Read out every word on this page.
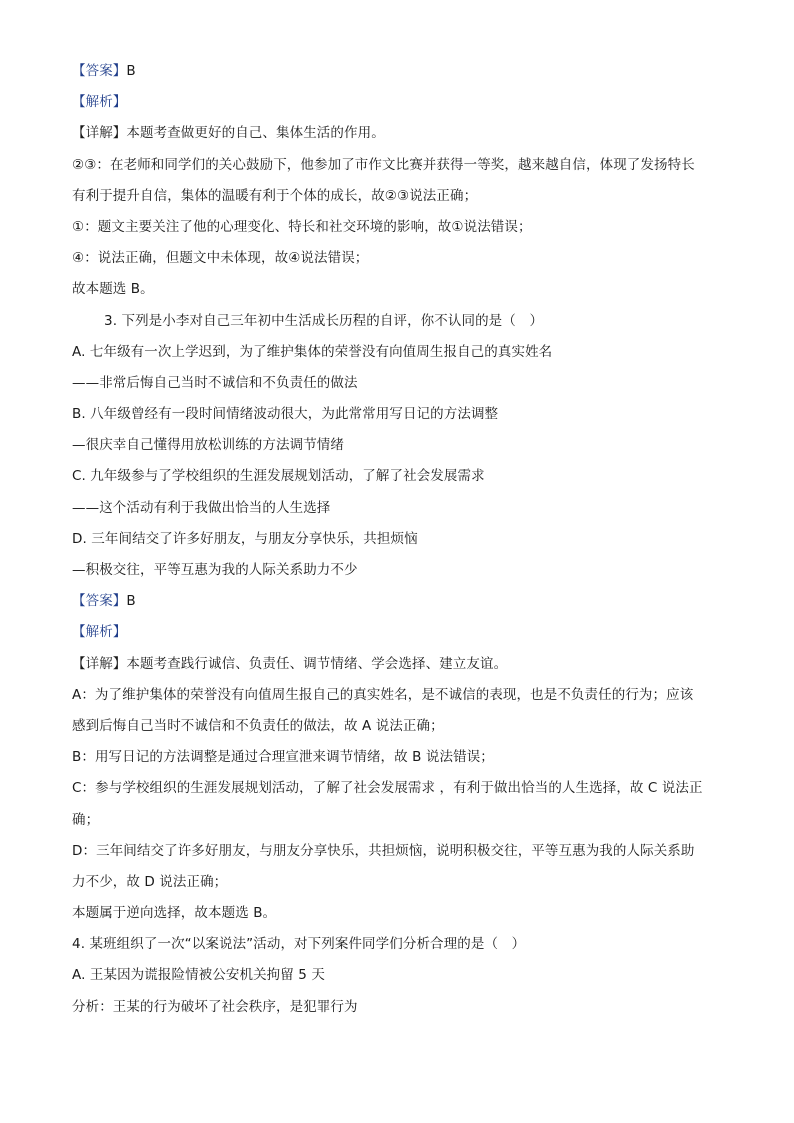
【答案】B
【解析】
【详解】本题考查做更好的自己、集体生活的作用。
②③：在老师和同学们的关心鼓励下，他参加了市作文比赛并获得一等奖，越来越自信，体现了发扬特长
有利于提升自信，集体的温暖有利于个体的成长，故②③说法正确；
①：题文主要关注了他的心理变化、特长和社交环境的影响，故①说法错误；
④：说法正确，但题文中未体现，故④说法错误；
故本题选 B。
3. 下列是小李对自己三年初中生活成长历程的自评，你不认同的是（　）
A. 七年级有一次上学迟到，为了维护集体的荣誉没有向值周生报自己的真实姓名
——非常后悔自己当时不诚信和不负责任的做法
B. 八年级曾经有一段时间情绪波动很大，为此常常用写日记的方法调整
—很庆幸自己懂得用放松训练的方法调节情绪
C. 九年级参与了学校组织的生涯发展规划活动，了解了社会发展需求
——这个活动有利于我做出恰当的人生选择
D. 三年间结交了许多好朋友，与朋友分享快乐，共担烦恼
—积极交往，平等互惠为我的人际关系助力不少
【答案】B
【解析】
【详解】本题考查践行诚信、负责任、调节情绪、学会选择、建立友谊。
A：为了维护集体的荣誉没有向值周生报自己的真实姓名，是不诚信的表现，也是不负责任的行为；应该
感到后悔自己当时不诚信和不负责任的做法，故 A 说法正确；
B：用写日记的方法调整是通过合理宣泄来调节情绪，故 B 说法错误；
C：参与学校组织的生涯发展规划活动，了解了社会发展需求 ，有利于做出恰当的人生选择，故 C 说法正
确；
D：三年间结交了许多好朋友，与朋友分享快乐，共担烦恼，说明积极交往，平等互惠为我的人际关系助
力不少，故 D 说法正确；
本题属于逆向选择，故本题选 B。
4. 某班组织了一次“以案说法”活动，对下列案件同学们分析合理的是（　）
A. 王某因为谎报险情被公安机关拘留 5 天
分析：王某的行为破坏了社会秩序，是犯罪行为
